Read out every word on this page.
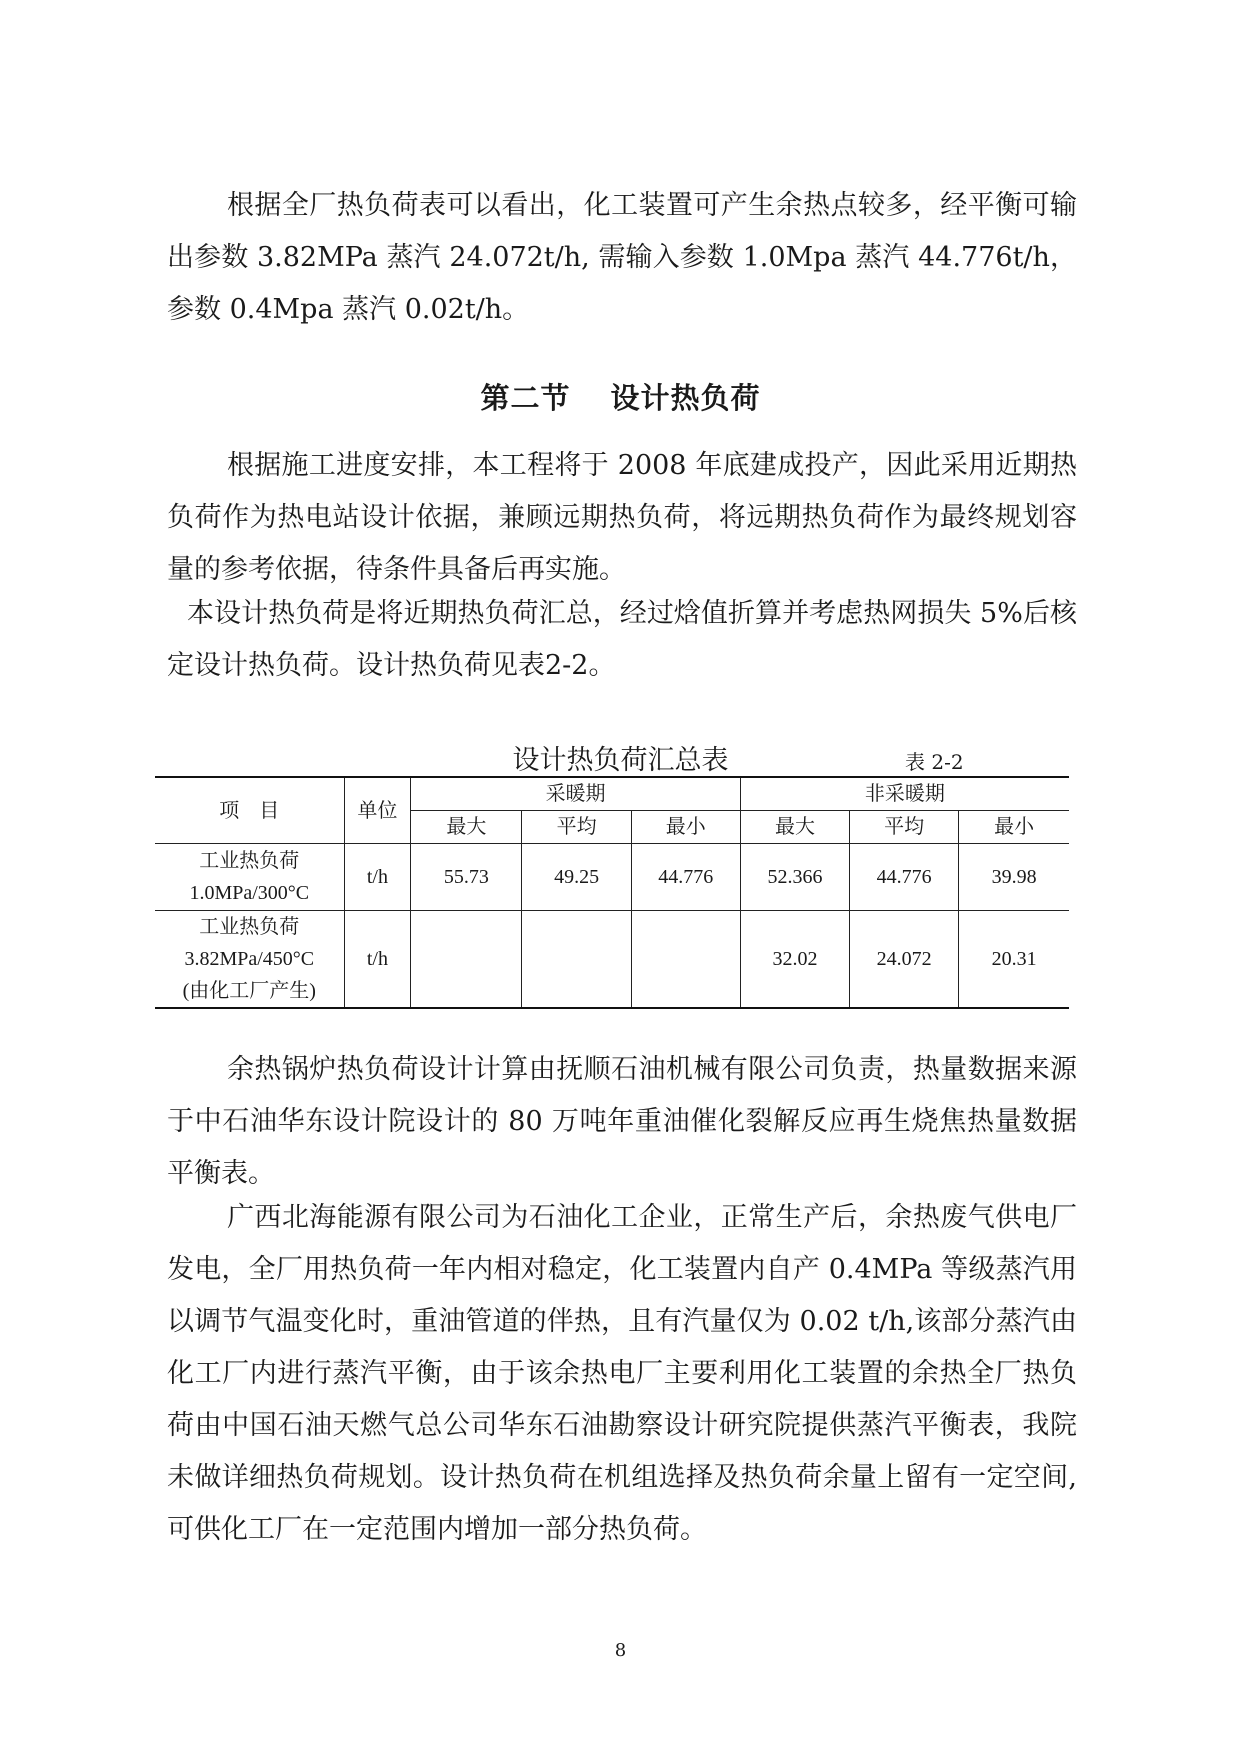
根据全厂热负荷表可以看出，化工装置可产生余热点较多，经平衡可输出参数 3.82MPa 蒸汽 24.072t/h, 需输入参数 1.0Mpa 蒸汽 44.776t/h，参数 0.4Mpa 蒸汽 0.02t/h。
第二节 设计热负荷
根据施工进度安排，本工程将于 2008 年底建成投产，因此采用近期热负荷作为热电站设计依据，兼顾远期热负荷，将远期热负荷作为最终规划容量的参考依据，待条件具备后再实施。
本设计热负荷是将近期热负荷汇总，经过焓值折算并考虑热网损失 5%后核定设计热负荷。设计热负荷见表2-2。
设计热负荷汇总表	表 2-2
项　目	单位	采暖期			非采暖期		
		最大	平均	最小	最大	平均	最小

工业热负荷
1.0MPa/300°C	t/h	55.73	49.25	44.776	52.366	44.776	39.98

工业热负荷
3.82MPa/450°C
(由化工厂产生)	t/h				32.02	24.072	20.31
余热锅炉热负荷设计计算由抚顺石油机械有限公司负责，热量数据来源于中石油华东设计院设计的 80 万吨年重油催化裂解反应再生烧焦热量数据平衡表。
广西北海能源有限公司为石油化工企业，正常生产后，余热废气供电厂发电，全厂用热负荷一年内相对稳定，化工装置内自产 0.4MPa 等级蒸汽用以调节气温变化时，重油管道的伴热，且有汽量仅为 0.02 t/h,该部分蒸汽由化工厂内进行蒸汽平衡，由于该余热电厂主要利用化工装置的余热全厂热负荷由中国石油天燃气总公司华东石油勘察设计研究院提供蒸汽平衡表，我院未做详细热负荷规划。设计热负荷在机组选择及热负荷余量上留有一定空间,可供化工厂在一定范围内增加一部分热负荷。
8
